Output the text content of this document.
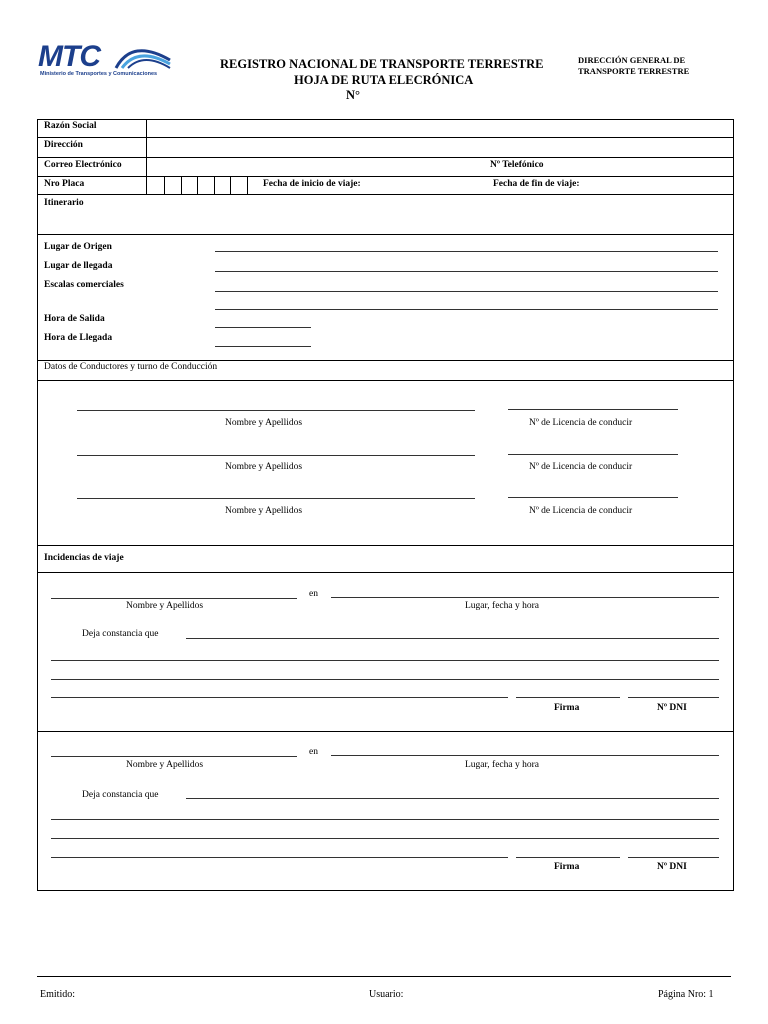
MTC
Ministerio de Transportes y Comunicaciones
REGISTRO NACIONAL DE TRANSPORTE TERRESTRE
HOJA DE RUTA ELECRÓNICA
N°
DIRECCIÓN GENERAL DE
TRANSPORTE TERRESTRE
Razón Social
Dirección
Correo Electrónico	Nº Telefónico
Nro Placa	Fecha de inicio de viaje:	Fecha de fin de viaje:
Itinerario
Lugar de Origen
Lugar de llegada
Escalas comerciales
Hora de Salida
Hora de Llegada
Datos de Conductores y turno de Conducción
Nombre y Apellidos	Nº de Licencia de conducir
Nombre y Apellidos	Nº de Licencia de conducir
Nombre y Apellidos	Nº de Licencia de conducir
Incidencias de viaje
en
Nombre y Apellidos	Lugar, fecha y hora
Deja constancia que
Firma	Nº DNI
en
Nombre y Apellidos	Lugar, fecha y hora
Deja constancia que
Firma	Nº DNI
Emitido:	Usuario:	Página Nro: 1
